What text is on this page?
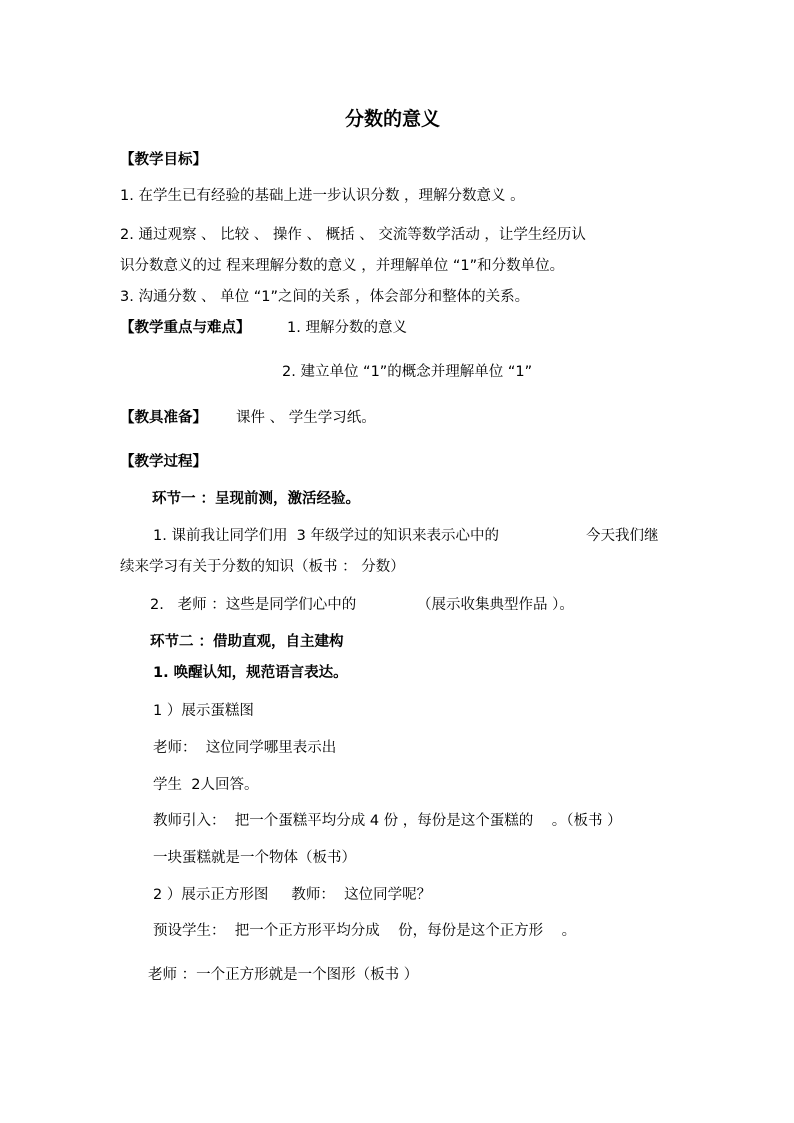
分数的意义
【教学目标】
1. 在学生已有经验的基础上进一步认识分数 ，理解分数意义 。
2. 通过观察 、 比较 、 操作 、 概括 、 交流等数学活动 ，让学生经历认
识分数意义的过 程来理解分数的意义 ，并理解单位 “1”和分数单位。
3. 沟通分数 、 单位 “1”之间的关系 ，体会部分和整体的关系。
【教学重点与难点】	1. 理解分数的意义
2. 建立单位 “1”的概念并理解单位 “1”
【教具准备】 课件 、 学生学习纸。
【教学过程】
环节一 ：呈现前测，激活经验。
1. 课前我让同学们用  3 年级学过的知识来表示心中的	今天我们继
续来学习有关于分数的知识（板书 ： 分数）
2.   老师 ：这些是同学们心中的	（展示收集典型作品 ）。
环节二 ：借助直观，自主建构
1. 唤醒认知，规范语言表达。
1 ）展示蛋糕图
老师：  这位同学哪里表示出
学生  2人回答。
教师引入：  把一个蛋糕平均分成 4 份 ，每份是这个蛋糕的    。（板书 ）
一块蛋糕就是一个物体（板书）
2 ）展示正方形图     教师：  这位同学呢？
预设学生：  把一个正方形平均分成    份，每份是这个正方形    。
老师 ：一个正方形就是一个图形（板书 ）
